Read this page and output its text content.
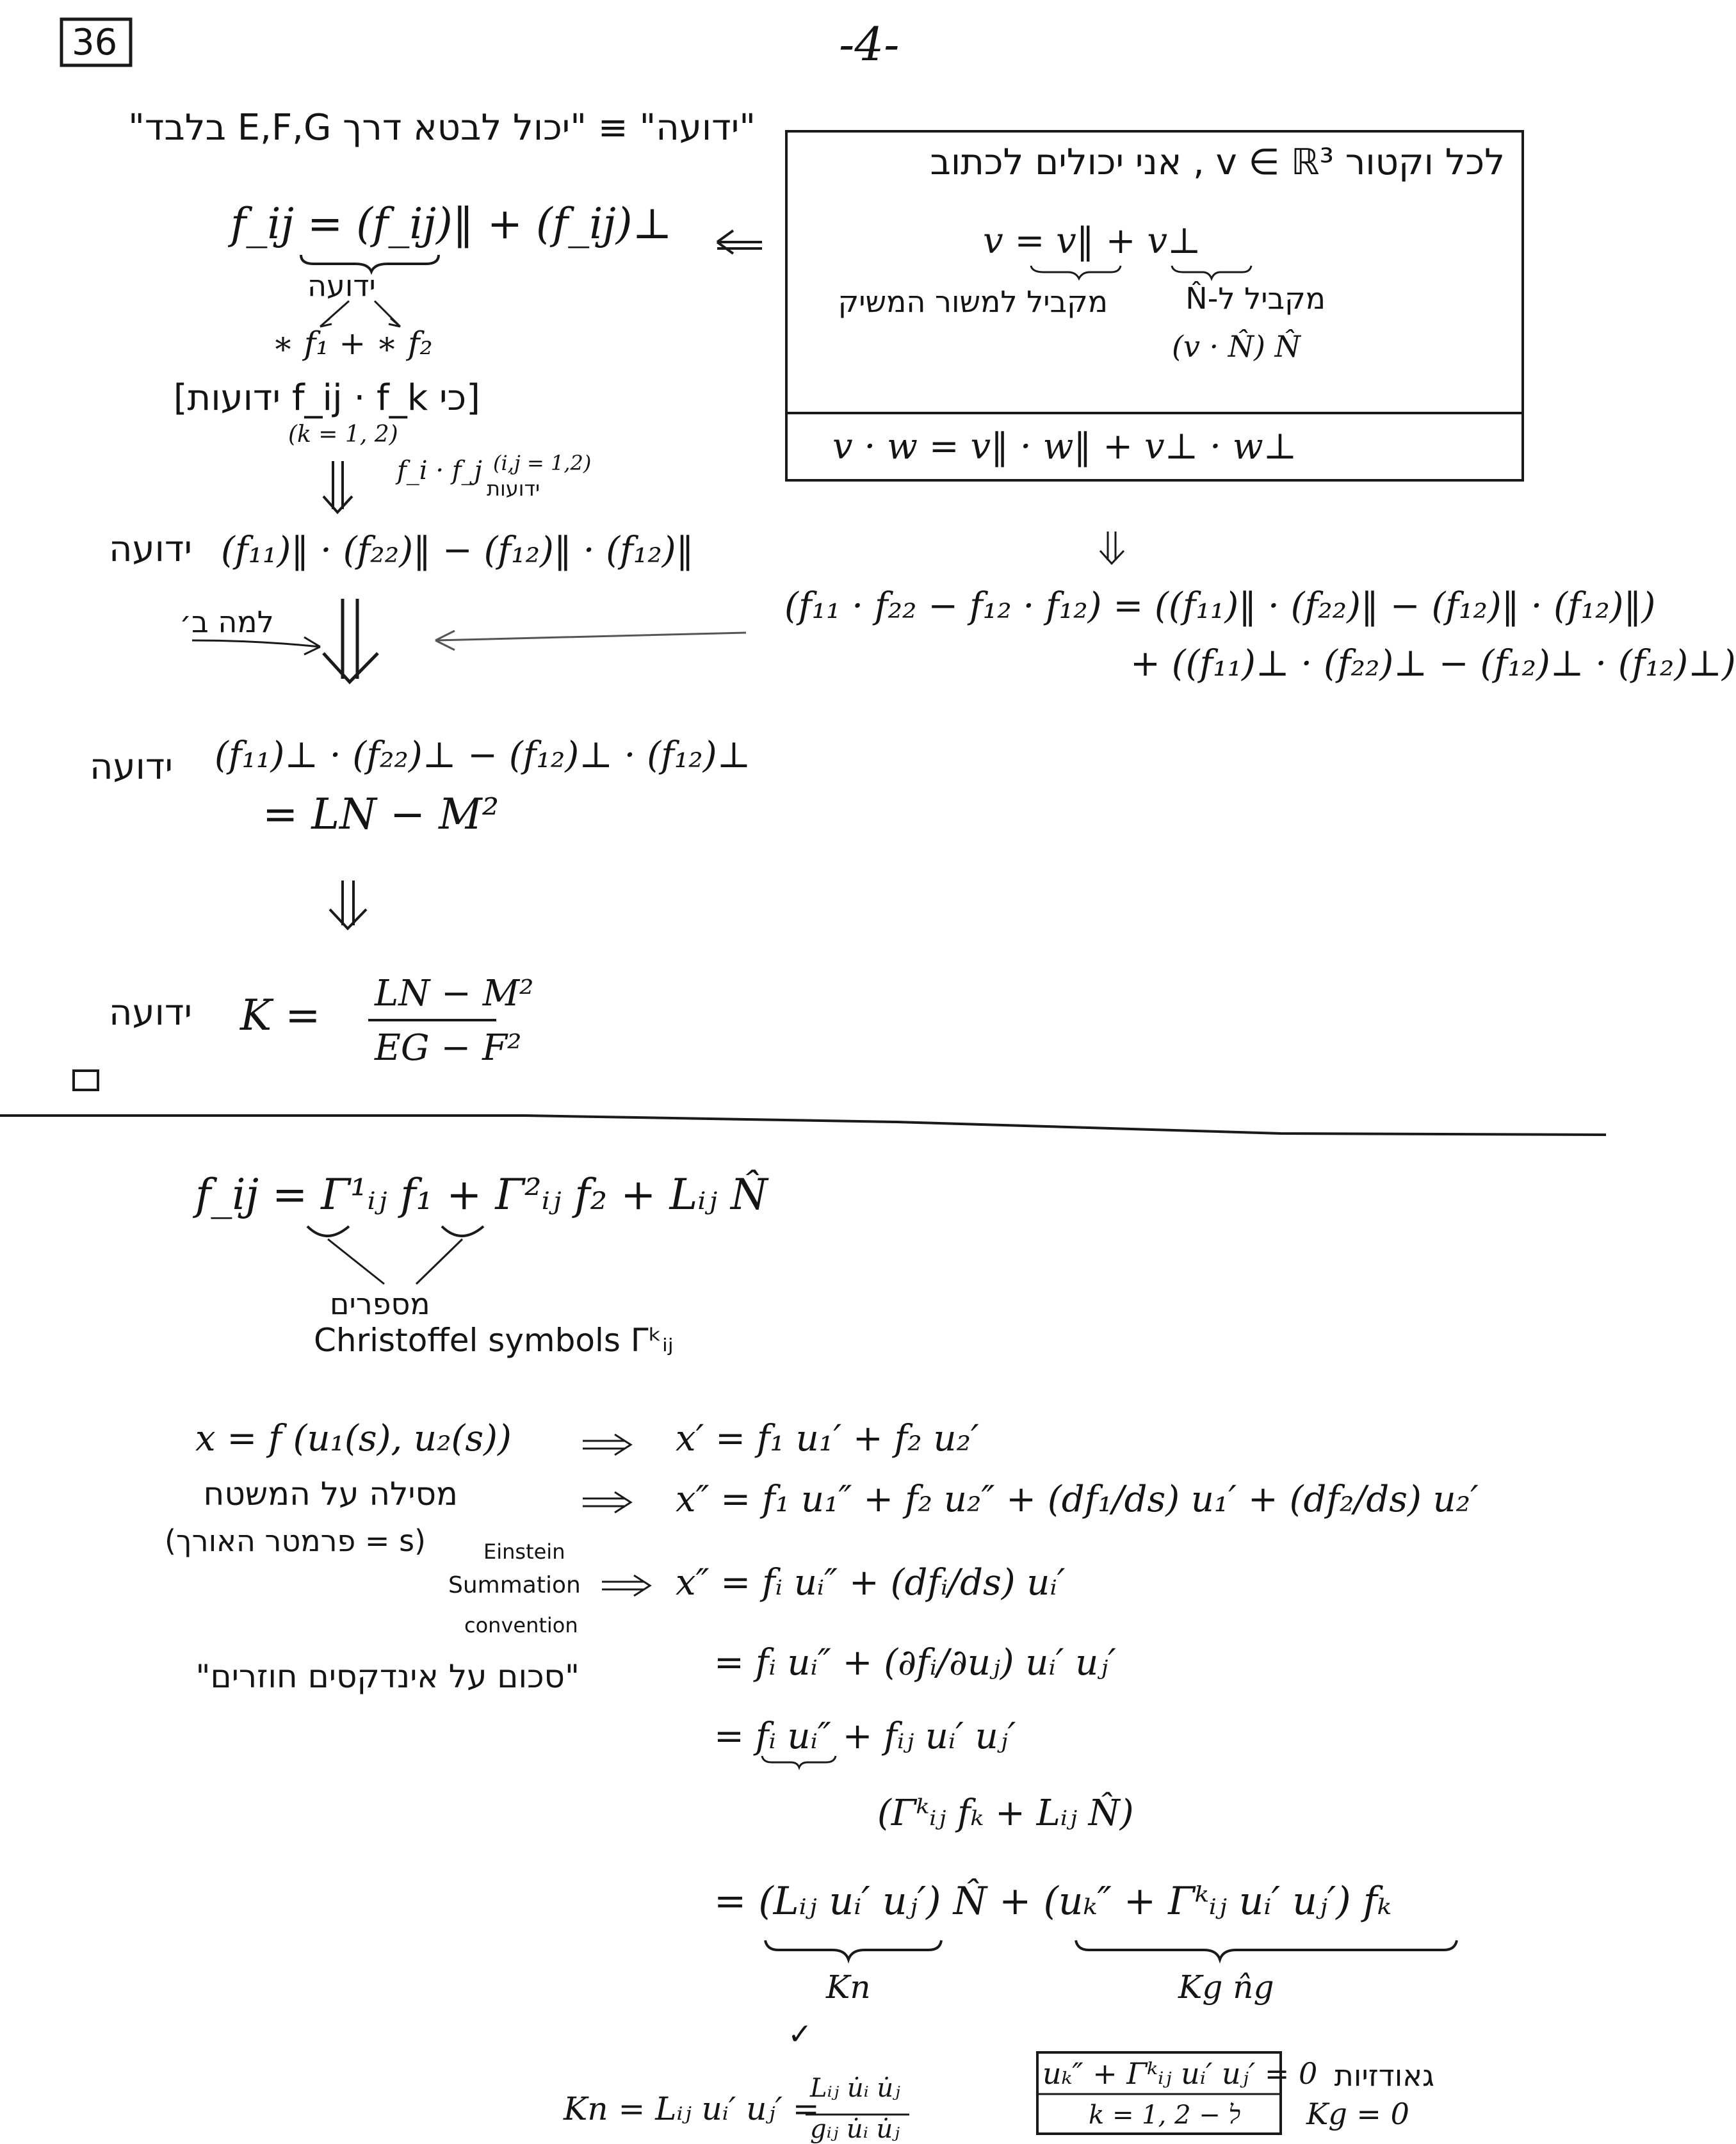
36	-4-
"ידועה" ≡ "יכול לבטא דרך E,F,G בלבד"
f_ij = (f_ij)‖ + (f_ij)⊥
ידועה
∗ f₁ + ∗ f₂
[כי f_ij · f_k ידועות]
(k = 1, 2)
f_i · f_j (i,j = 1,2)
ידועות
ידועה (f₁₁)‖ · (f₂₂)‖ − (f₁₂)‖ · (f₁₂)‖
למה ב׳
ידועה (f₁₁)⊥ · (f₂₂)⊥ − (f₁₂)⊥ · (f₁₂)⊥
= LN − M²
ידועה K = LN − M²
EG − F²
לכל וקטור v ∈ ℝ³ , אני יכולים לכתוב
v = v‖ + v⊥
מקביל למשור המשיק	מקביל ל-N̂
(v · N̂) N̂
v · w = v‖ · w‖ + v⊥ · w⊥
(f₁₁ · f₂₂ − f₁₂ · f₁₂) = ((f₁₁)‖ · (f₂₂)‖ − (f₁₂)‖ · (f₁₂)‖)
+ ((f₁₁)⊥ · (f₂₂)⊥ − (f₁₂)⊥ · (f₁₂)⊥)
f_ij = Γ¹ᵢⱼ f₁ + Γ²ᵢⱼ f₂ + Lᵢⱼ N̂
מספרים
Christoffel symbols Γᵏᵢⱼ
x = f (u₁(s), u₂(s))
מסילה על המשטח
(s = פרמטר האורך)	Einstein
Summation
convention
"סכום על אינדקסים חוזרים"
x′ = f₁ u₁′ + f₂ u₂′
x″ = f₁ u₁″ + f₂ u₂″ + (df₁/ds) u₁′ + (df₂/ds) u₂′
x″ = fᵢ uᵢ″ + (dfᵢ/ds) uᵢ′
= fᵢ uᵢ″ + (∂fᵢ/∂uⱼ) uᵢ′ uⱼ′
= fᵢ uᵢ″ + fᵢⱼ uᵢ′ uⱼ′
(Γᵏᵢⱼ fₖ + Lᵢⱼ N̂)
= (Lᵢⱼ uᵢ′ uⱼ′) N̂ + (uₖ″ + Γᵏᵢⱼ uᵢ′ uⱼ′) fₖ
Kn	Kg n̂g
✓
Kn = Lᵢⱼ uᵢ′ uⱼ′ =
Lᵢⱼ u̇ᵢ u̇ⱼ
gᵢⱼ u̇ᵢ u̇ⱼ
uₖ″ + Γᵏᵢⱼ uᵢ′ uⱼ′ = 0
k = 1, 2 − ל
גאודזיות
Kg = 0
